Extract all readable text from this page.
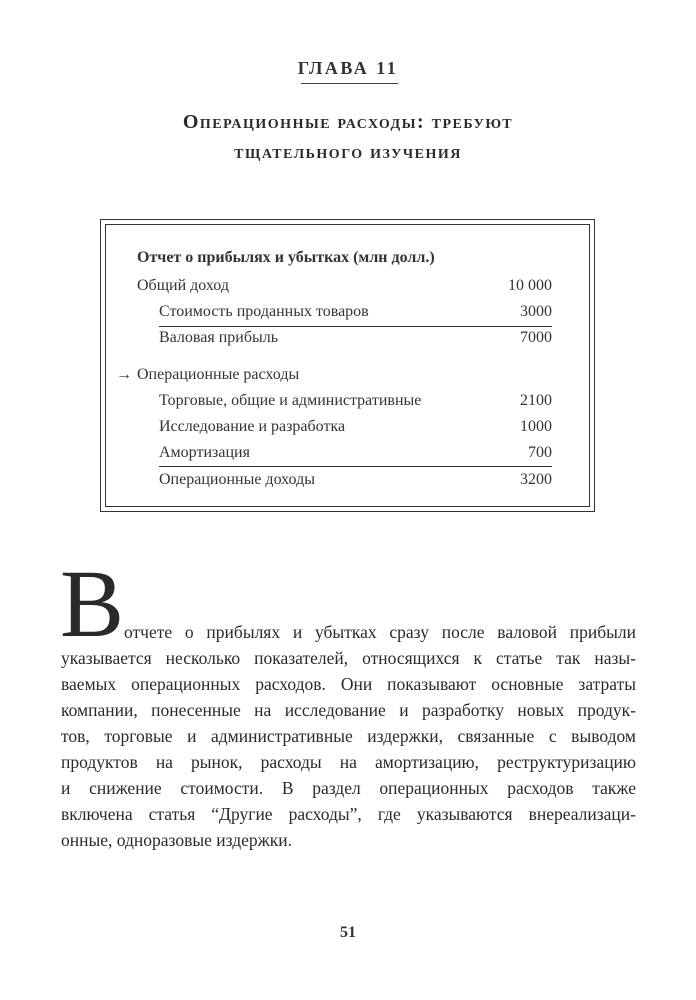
ГЛАВА 11
Операционные расходы: требуют
тщательного изучения
Отчет о прибылях и убытках (млн долл.)
Общий доход	10 000
Стоимость проданных товаров	3000
Валовая прибыль	7000
→ Операционные расходы
Торговые, общие и административные	2100
Исследование и разработка	1000
Амортизация	700
Операционные доходы	3200
В отчете о прибылях и убытках сразу после валовой прибыли
указывается несколько показателей, относящихся к статье так назы-
ваемых операционных расходов. Они показывают основные затраты
компании, понесенные на исследование и разработку новых продук-
тов, торговые и административные издержки, связанные с выводом
продуктов на рынок, расходы на амортизацию, реструктуризацию
и снижение стоимости. В раздел операционных расходов также
включена статья “Другие расходы”, где указываются внереализаци-
онные, одноразовые издержки.
51
